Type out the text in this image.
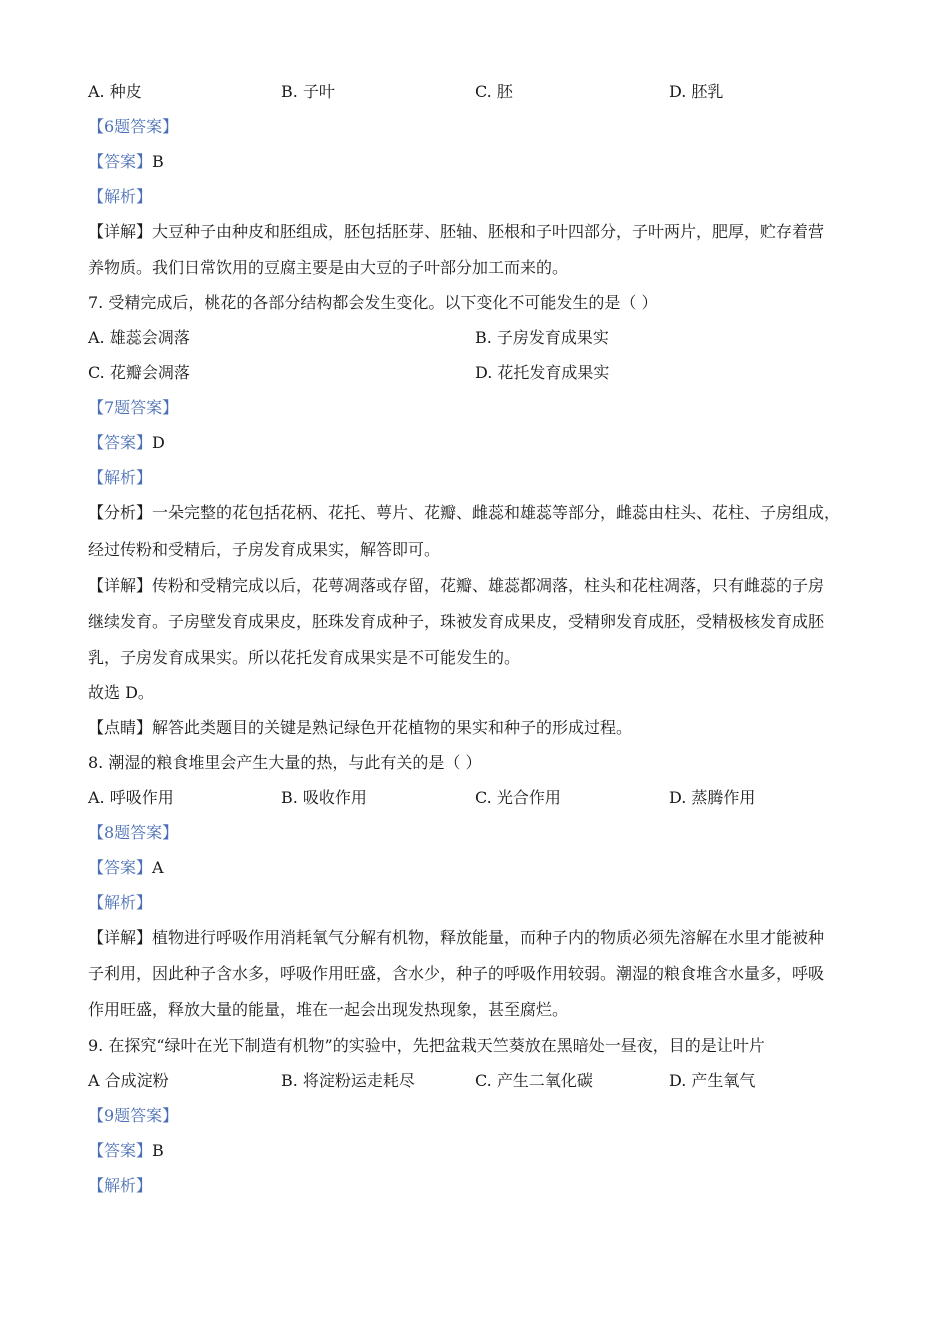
A. 种皮	B. 子叶	C. 胚	D. 胚乳
【6题答案】
【答案】B
【解析】
【详解】大豆种子由种皮和胚组成，胚包括胚芽、胚轴、胚根和子叶四部分，子叶两片，肥厚，贮存着营
养物质。我们日常饮用的豆腐主要是由大豆的子叶部分加工而来的。
7. 受精完成后，桃花的各部分结构都会发生变化。以下变化不可能发生的是（ ）
A. 雄蕊会凋落	B. 子房发育成果实
C. 花瓣会凋落	D. 花托发育成果实
【7题答案】
【答案】D
【解析】
【分析】一朵完整的花包括花柄、花托、萼片、花瓣、雌蕊和雄蕊等部分，雌蕊由柱头、花柱、子房组成，
经过传粉和受精后，子房发育成果实，解答即可。
【详解】传粉和受精完成以后，花萼凋落或存留，花瓣、雄蕊都凋落，柱头和花柱凋落，只有雌蕊的子房
继续发育。子房壁发育成果皮，胚珠发育成种子，珠被发育成果皮，受精卵发育成胚，受精极核发育成胚
乳，子房发育成果实。所以花托发育成果实是不可能发生的。
故选 D。
【点睛】解答此类题目的关键是熟记绿色开花植物的果实和种子的形成过程。
8. 潮湿的粮食堆里会产生大量的热，与此有关的是（ ）
A. 呼吸作用	B. 吸收作用	C. 光合作用	D. 蒸腾作用
【8题答案】
【答案】A
【解析】
【详解】植物进行呼吸作用消耗氧气分解有机物，释放能量，而种子内的物质必须先溶解在水里才能被种
子利用，因此种子含水多，呼吸作用旺盛，含水少，种子的呼吸作用较弱。潮湿的粮食堆含水量多，呼吸
作用旺盛，释放大量的能量，堆在一起会出现发热现象，甚至腐烂。
9. 在探究“绿叶在光下制造有机物”的实验中，先把盆栽天竺葵放在黑暗处一昼夜，目的是让叶片
A 合成淀粉	B. 将淀粉运走耗尽	C. 产生二氧化碳	D. 产生氧气
【9题答案】
【答案】B
【解析】
